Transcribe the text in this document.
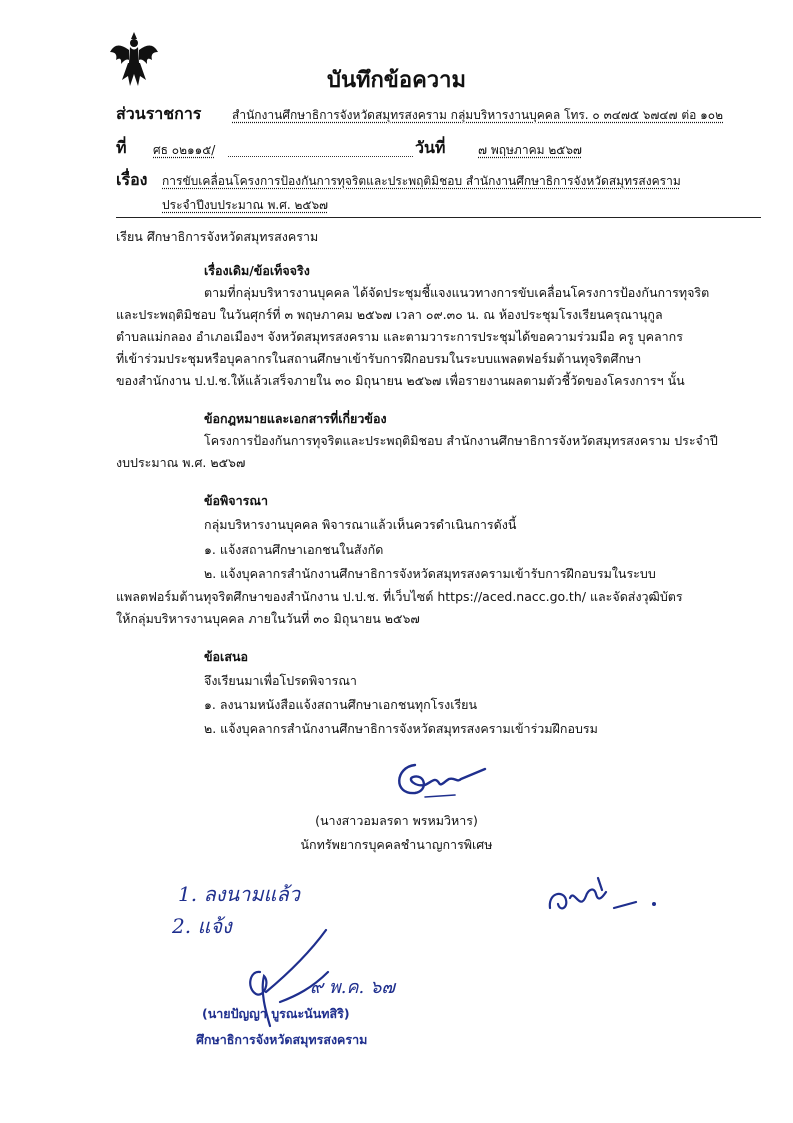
บันทึกข้อความ
ส่วนราชการ	สำนักงานศึกษาธิการจังหวัดสมุทรสงคราม กลุ่มบริหารงานบุคคล โทร. ๐ ๓๔๗๕ ๖๗๔๗ ต่อ ๑๐๒
ที่ ศธ ๐๒๑๑๕/	วันที่	๗ พฤษภาคม ๒๕๖๗
เรื่อง การขับเคลื่อนโครงการป้องกันการทุจริตและประพฤติมิชอบ สำนักงานศึกษาธิการจังหวัดสมุทรสงคราม
ประจำปีงบประมาณ พ.ศ. ๒๕๖๗
เรียน ศึกษาธิการจังหวัดสมุทรสงคราม
เรื่องเดิม/ข้อเท็จจริง
ตามที่กลุ่มบริหารงานบุคคล ได้จัดประชุมชี้แจงแนวทางการขับเคลื่อนโครงการป้องกันการทุจริต
และประพฤติมิชอบ ในวันศุกร์ที่ ๓ พฤษภาคม ๒๕๖๗ เวลา ๐๙.๓๐ น. ณ ห้องประชุมโรงเรียนครุณานุกูล
ตำบลแม่กลอง อำเภอเมืองฯ จังหวัดสมุทรสงคราม และตามวาระการประชุมได้ขอความร่วมมือ ครู บุคลากร
ที่เข้าร่วมประชุมหรือบุคลากรในสถานศึกษาเข้ารับการฝึกอบรมในระบบแพลตฟอร์มต้านทุจริตศึกษา
ของสำนักงาน ป.ป.ช.ให้แล้วเสร็จภายใน ๓๐ มิถุนายน ๒๕๖๗ เพื่อรายงานผลตามตัวชี้วัดของโครงการฯ นั้น
ข้อกฎหมายและเอกสารที่เกี่ยวข้อง
โครงการป้องกันการทุจริตและประพฤติมิชอบ สำนักงานศึกษาธิการจังหวัดสมุทรสงคราม ประจำปี
งบประมาณ พ.ศ. ๒๕๖๗
ข้อพิจารณา
กลุ่มบริหารงานบุคคล พิจารณาแล้วเห็นควรดำเนินการดังนี้
๑. แจ้งสถานศึกษาเอกชนในสังกัด
๒. แจ้งบุคลากรสำนักงานศึกษาธิการจังหวัดสมุทรสงครามเข้ารับการฝึกอบรมในระบบ
แพลตฟอร์มต้านทุจริตศึกษาของสำนักงาน ป.ป.ช. ที่เว็บไซต์ https://aced.nacc.go.th/ และจัดส่งวุฒิบัตร
ให้กลุ่มบริหารงานบุคคล ภายในวันที่ ๓๐ มิถุนายน ๒๕๖๗
ข้อเสนอ
จึงเรียนมาเพื่อโปรดพิจารณา
๑. ลงนามหนังสือแจ้งสถานศึกษาเอกชนทุกโรงเรียน
๒. แจ้งบุคลากรสำนักงานศึกษาธิการจังหวัดสมุทรสงครามเข้าร่วมฝึกอบรม
(นางสาวอมลรดา พรหมวิหาร)
นักทรัพยากรบุคคลชำนาญการพิเศษ
1. ลงนามแล้ว
2. แจ้ง
๙ พ.ค. ๖๗
(นายปัญญา บูรณะนันทสิริ)
ศึกษาธิการจังหวัดสมุทรสงคราม
